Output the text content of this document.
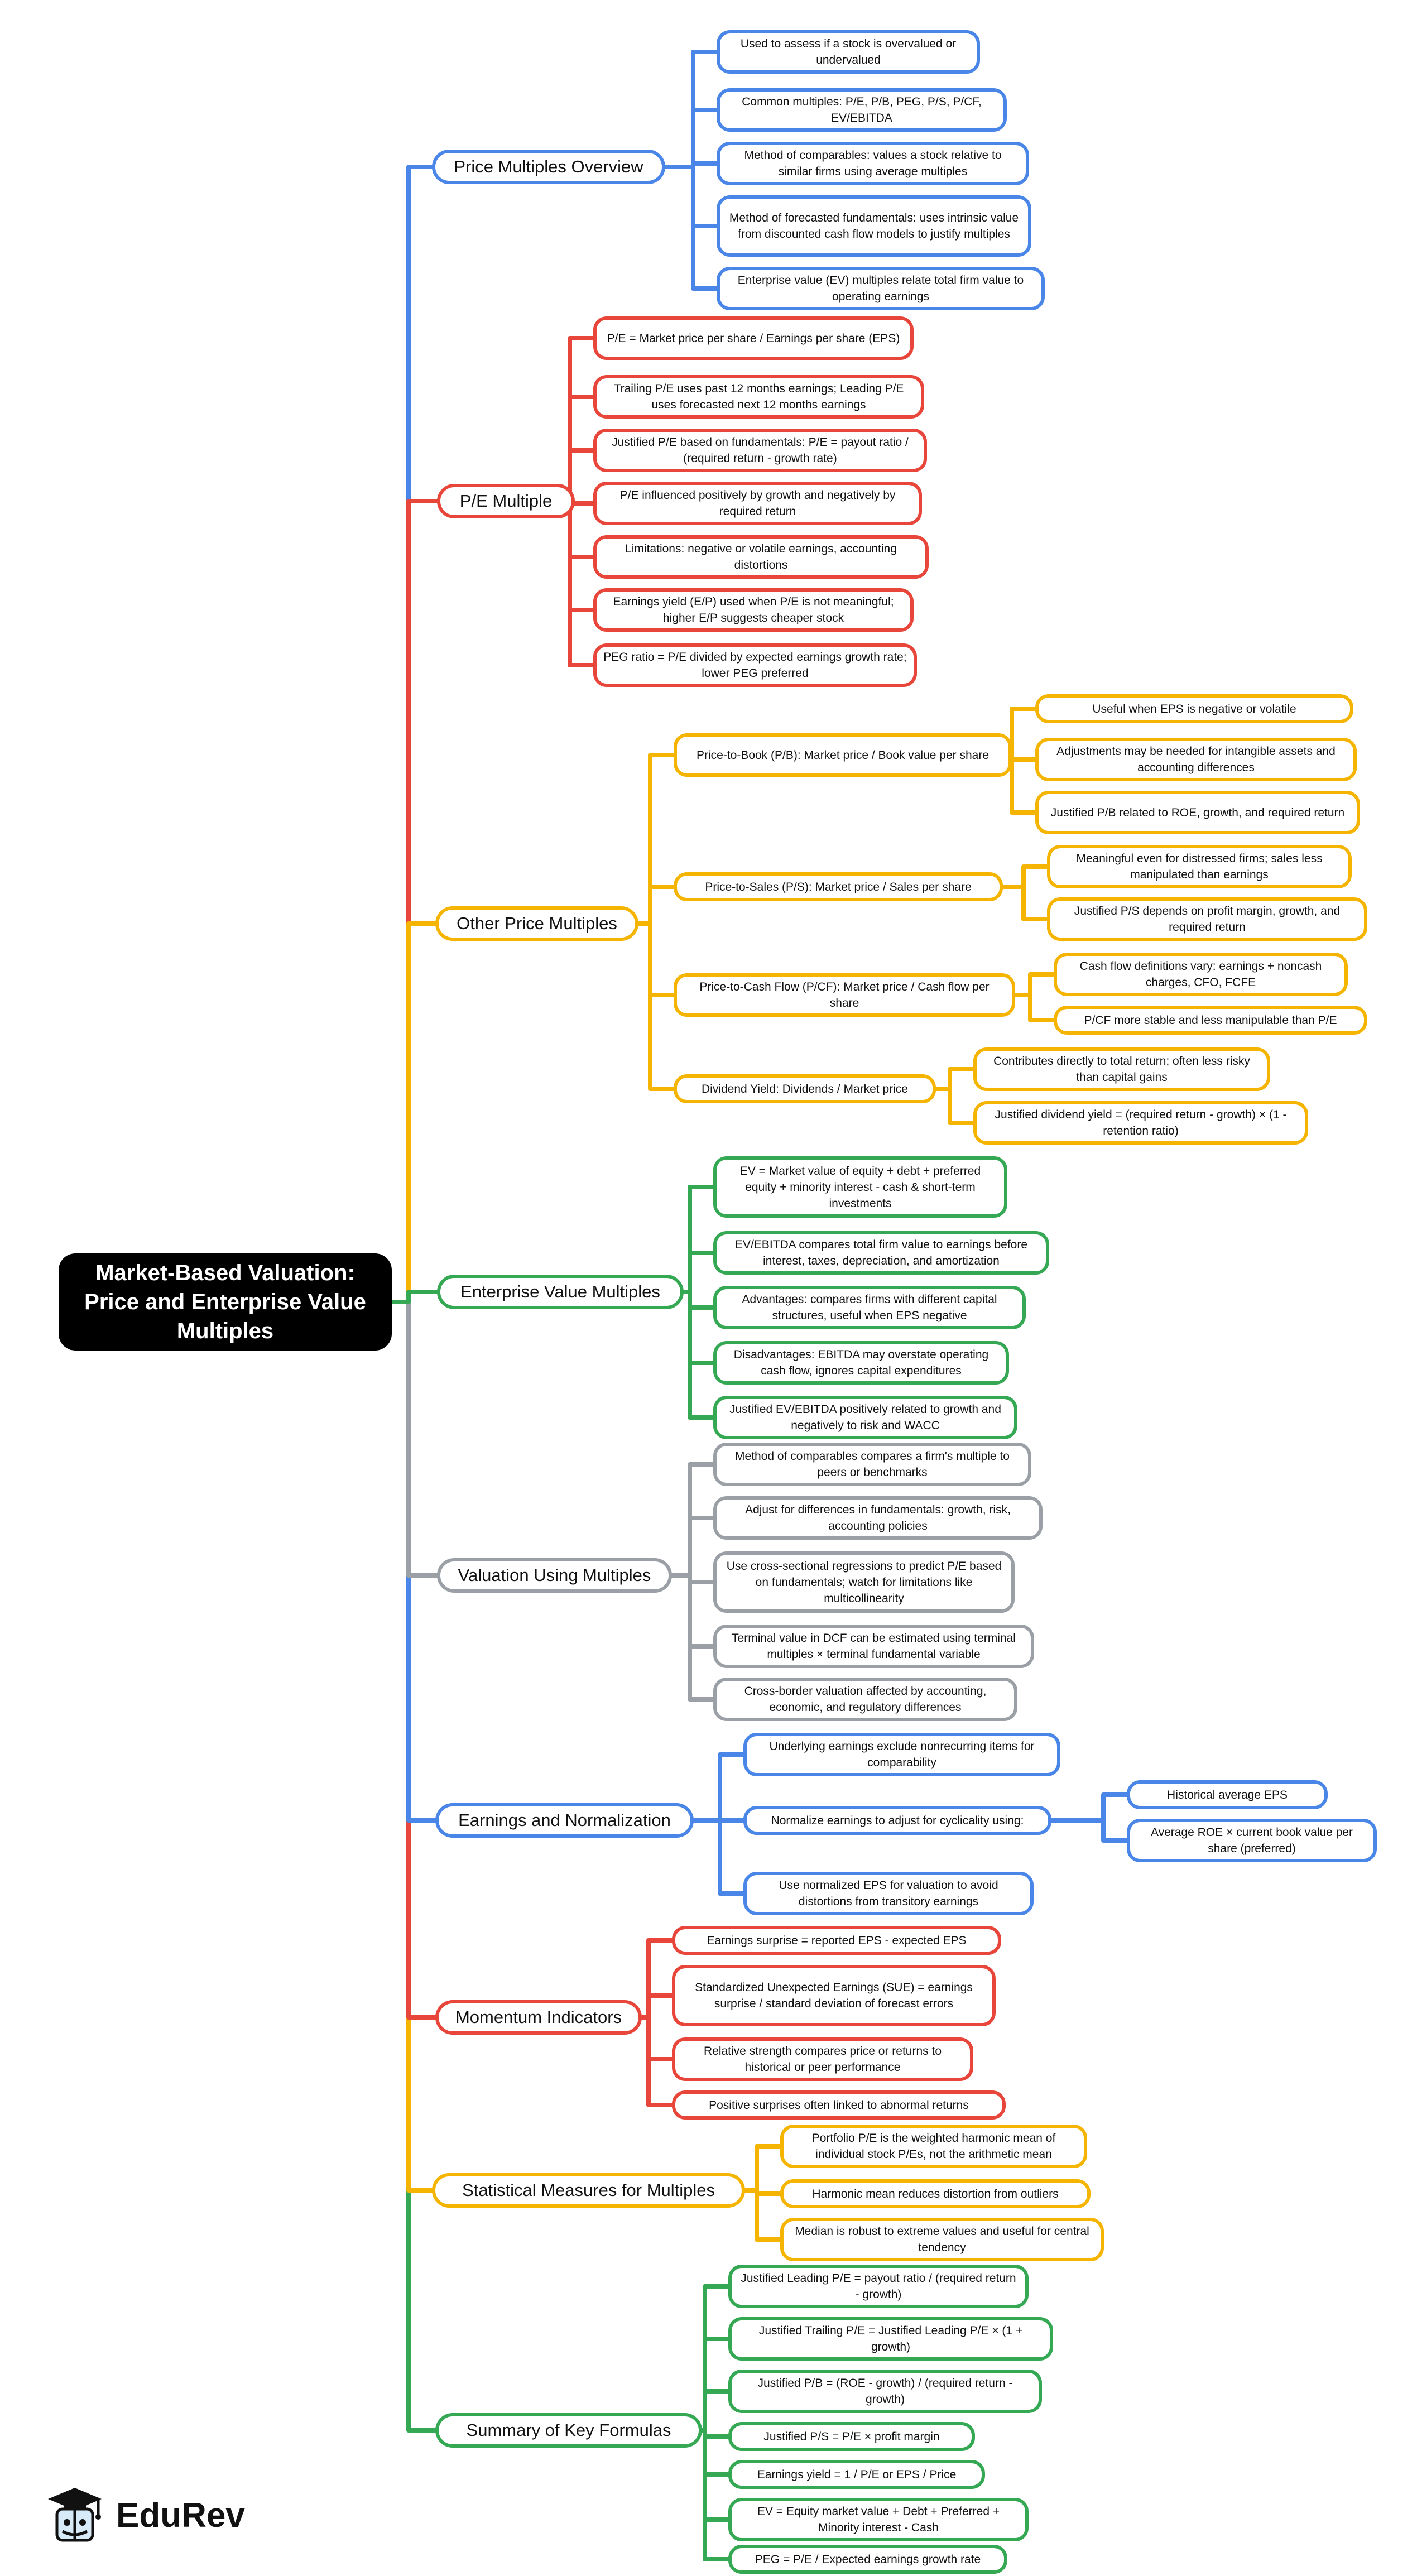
Market-Based Valuation: Price and Enterprise Value Multiples
Price Multiples Overview
P/E Multiple
Other Price Multiples
Enterprise Value Multiples
Valuation Using Multiples
Earnings and Normalization
Momentum Indicators
Statistical Measures for Multiples
Summary of Key Formulas
Used to assess if a stock is overvalued or undervalued
Common multiples: P/E, P/B, PEG, P/S, P/CF, EV/EBITDA
Method of comparables: values a stock relative to similar firms using average multiples
Method of forecasted fundamentals: uses intrinsic value from discounted cash flow models to justify multiples
Enterprise value (EV) multiples relate total firm value to operating earnings
P/E = Market price per share / Earnings per share (EPS)
Trailing P/E uses past 12 months earnings; Leading P/E uses forecasted next 12 months earnings
Justified P/E based on fundamentals: P/E = payout ratio / (required return - growth rate)
P/E influenced positively by growth and negatively by required return
Limitations: negative or volatile earnings, accounting distortions
Earnings yield (E/P) used when P/E is not meaningful; higher E/P suggests cheaper stock
PEG ratio = P/E divided by expected earnings growth rate; lower PEG preferred
Price-to-Book (P/B): Market price / Book value per share
Price-to-Sales (P/S): Market price / Sales per share
Price-to-Cash Flow (P/CF): Market price / Cash flow per share
Dividend Yield: Dividends / Market price
Useful when EPS is negative or volatile
Adjustments may be needed for intangible assets and accounting differences
Justified P/B related to ROE, growth, and required return
Meaningful even for distressed firms; sales less manipulated than earnings
Justified P/S depends on profit margin, growth, and required return
Cash flow definitions vary: earnings + noncash charges, CFO, FCFE
P/CF more stable and less manipulable than P/E
Contributes directly to total return; often less risky than capital gains
Justified dividend yield = (required return - growth) × (1 - retention ratio)
EV = Market value of equity + debt + preferred equity + minority interest - cash & short-term investments
EV/EBITDA compares total firm value to earnings before interest, taxes, depreciation, and amortization
Advantages: compares firms with different capital structures, useful when EPS negative
Disadvantages: EBITDA may overstate operating cash flow, ignores capital expenditures
Justified EV/EBITDA positively related to growth and negatively to risk and WACC
Method of comparables compares a firm's multiple to peers or benchmarks
Adjust for differences in fundamentals: growth, risk, accounting policies
Use cross-sectional regressions to predict P/E based on fundamentals; watch for limitations like multicollinearity
Terminal value in DCF can be estimated using terminal multiples × terminal fundamental variable
Cross-border valuation affected by accounting, economic, and regulatory differences
Underlying earnings exclude nonrecurring items for comparability
Normalize earnings to adjust for cyclicality using:
Use normalized EPS for valuation to avoid distortions from transitory earnings
Historical average EPS
Average ROE × current book value per share (preferred)
Earnings surprise = reported EPS - expected EPS
Standardized Unexpected Earnings (SUE) = earnings surprise / standard deviation of forecast errors
Relative strength compares price or returns to historical or peer performance
Positive surprises often linked to abnormal returns
Portfolio P/E is the weighted harmonic mean of individual stock P/Es, not the arithmetic mean
Harmonic mean reduces distortion from outliers
Median is robust to extreme values and useful for central tendency
Justified Leading P/E = payout ratio / (required return - growth)
Justified Trailing P/E = Justified Leading P/E × (1 + growth)
Justified P/B = (ROE - growth) / (required return - growth)
Justified P/S = P/E × profit margin
Earnings yield = 1 / P/E or EPS / Price
EV = Equity market value + Debt + Preferred + Minority interest - Cash
PEG = P/E / Expected earnings growth rate
EduRev
